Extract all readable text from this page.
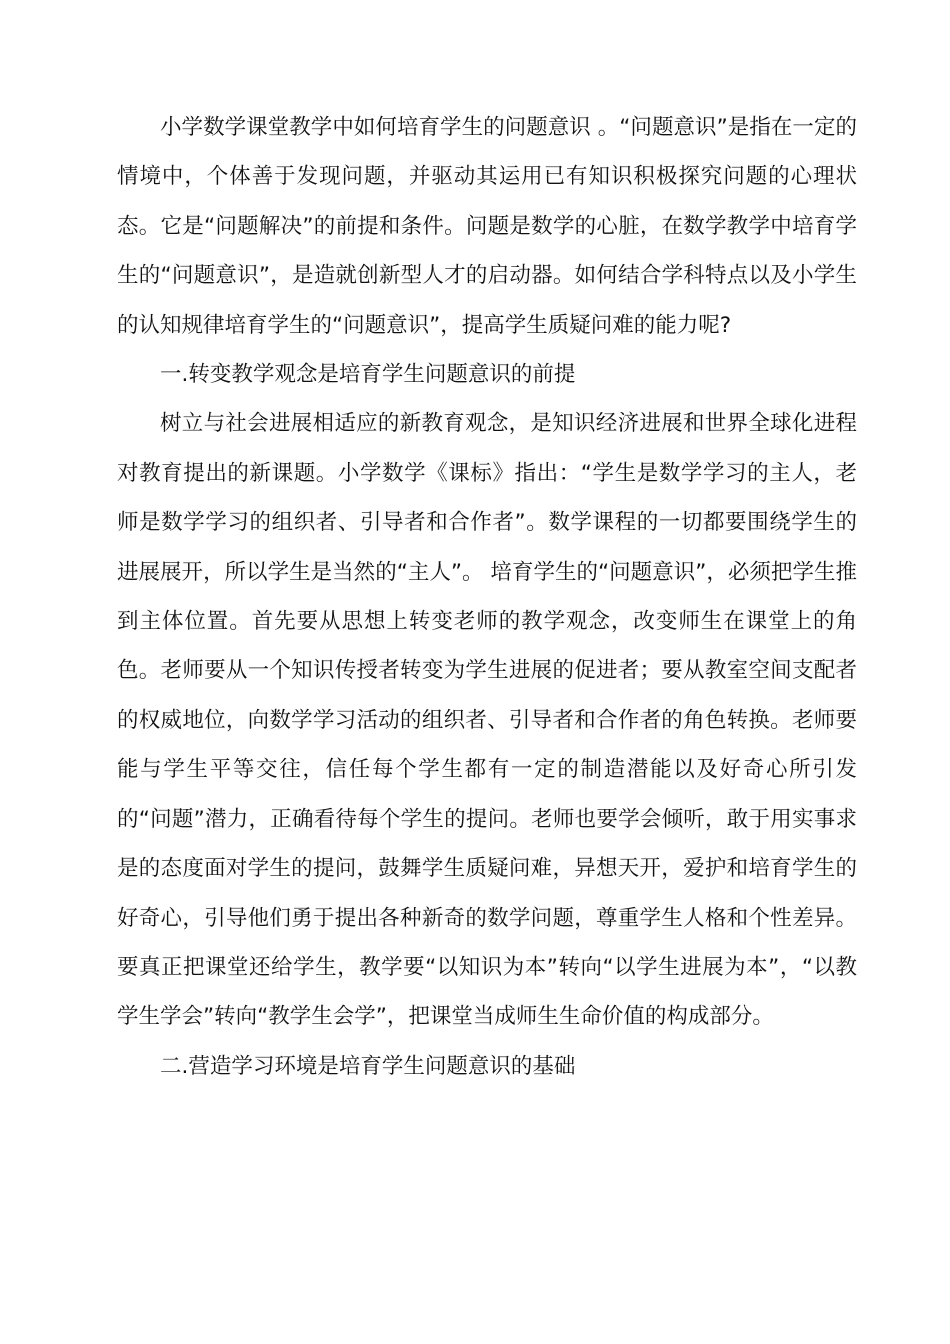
小学数学课堂教学中如何培育学生的问题意识 。“问题意识”是指在一定的情境中，个体善于发现问题，并驱动其运用已有知识积极探究问题的心理状态。它是“问题解决”的前提和条件。问题是数学的心脏，在数学教学中培育学生的“问题意识”，是造就创新型人才的启动器。如何结合学科特点以及小学生的认知规律培育学生的“问题意识”，提高学生质疑问难的能力呢?

一.转变教学观念是培育学生问题意识的前提

树立与社会进展相适应的新教育观念，是知识经济进展和世界全球化进程对教育提出的新课题。小学数学《课标》指出：“学生是数学学习的主人，老师是数学学习的组织者、引导者和合作者”。数学课程的一切都要围绕学生的进展展开，所以学生是当然的“主人”。 培育学生的“问题意识”，必须把学生推到主体位置。首先要从思想上转变老师的教学观念，改变师生在课堂上的角色。老师要从一个知识传授者转变为学生进展的促进者；要从教室空间支配者的权威地位，向数学学习活动的组织者、引导者和合作者的角色转换。老师要能与学生平等交往，信任每个学生都有一定的制造潜能以及好奇心所引发的“问题”潜力，正确看待每个学生的提问。老师也要学会倾听，敢于用实事求是的态度面对学生的提问，鼓舞学生质疑问难，异想天开，爱护和培育学生的好奇心，引导他们勇于提出各种新奇的数学问题，尊重学生人格和个性差异。要真正把课堂还给学生，教学要“以知识为本”转向“以学生进展为本”，“以教学生学会”转向“教学生会学”，把课堂当成师生生命价值的构成部分。

二.营造学习环境是培育学生问题意识的基础
